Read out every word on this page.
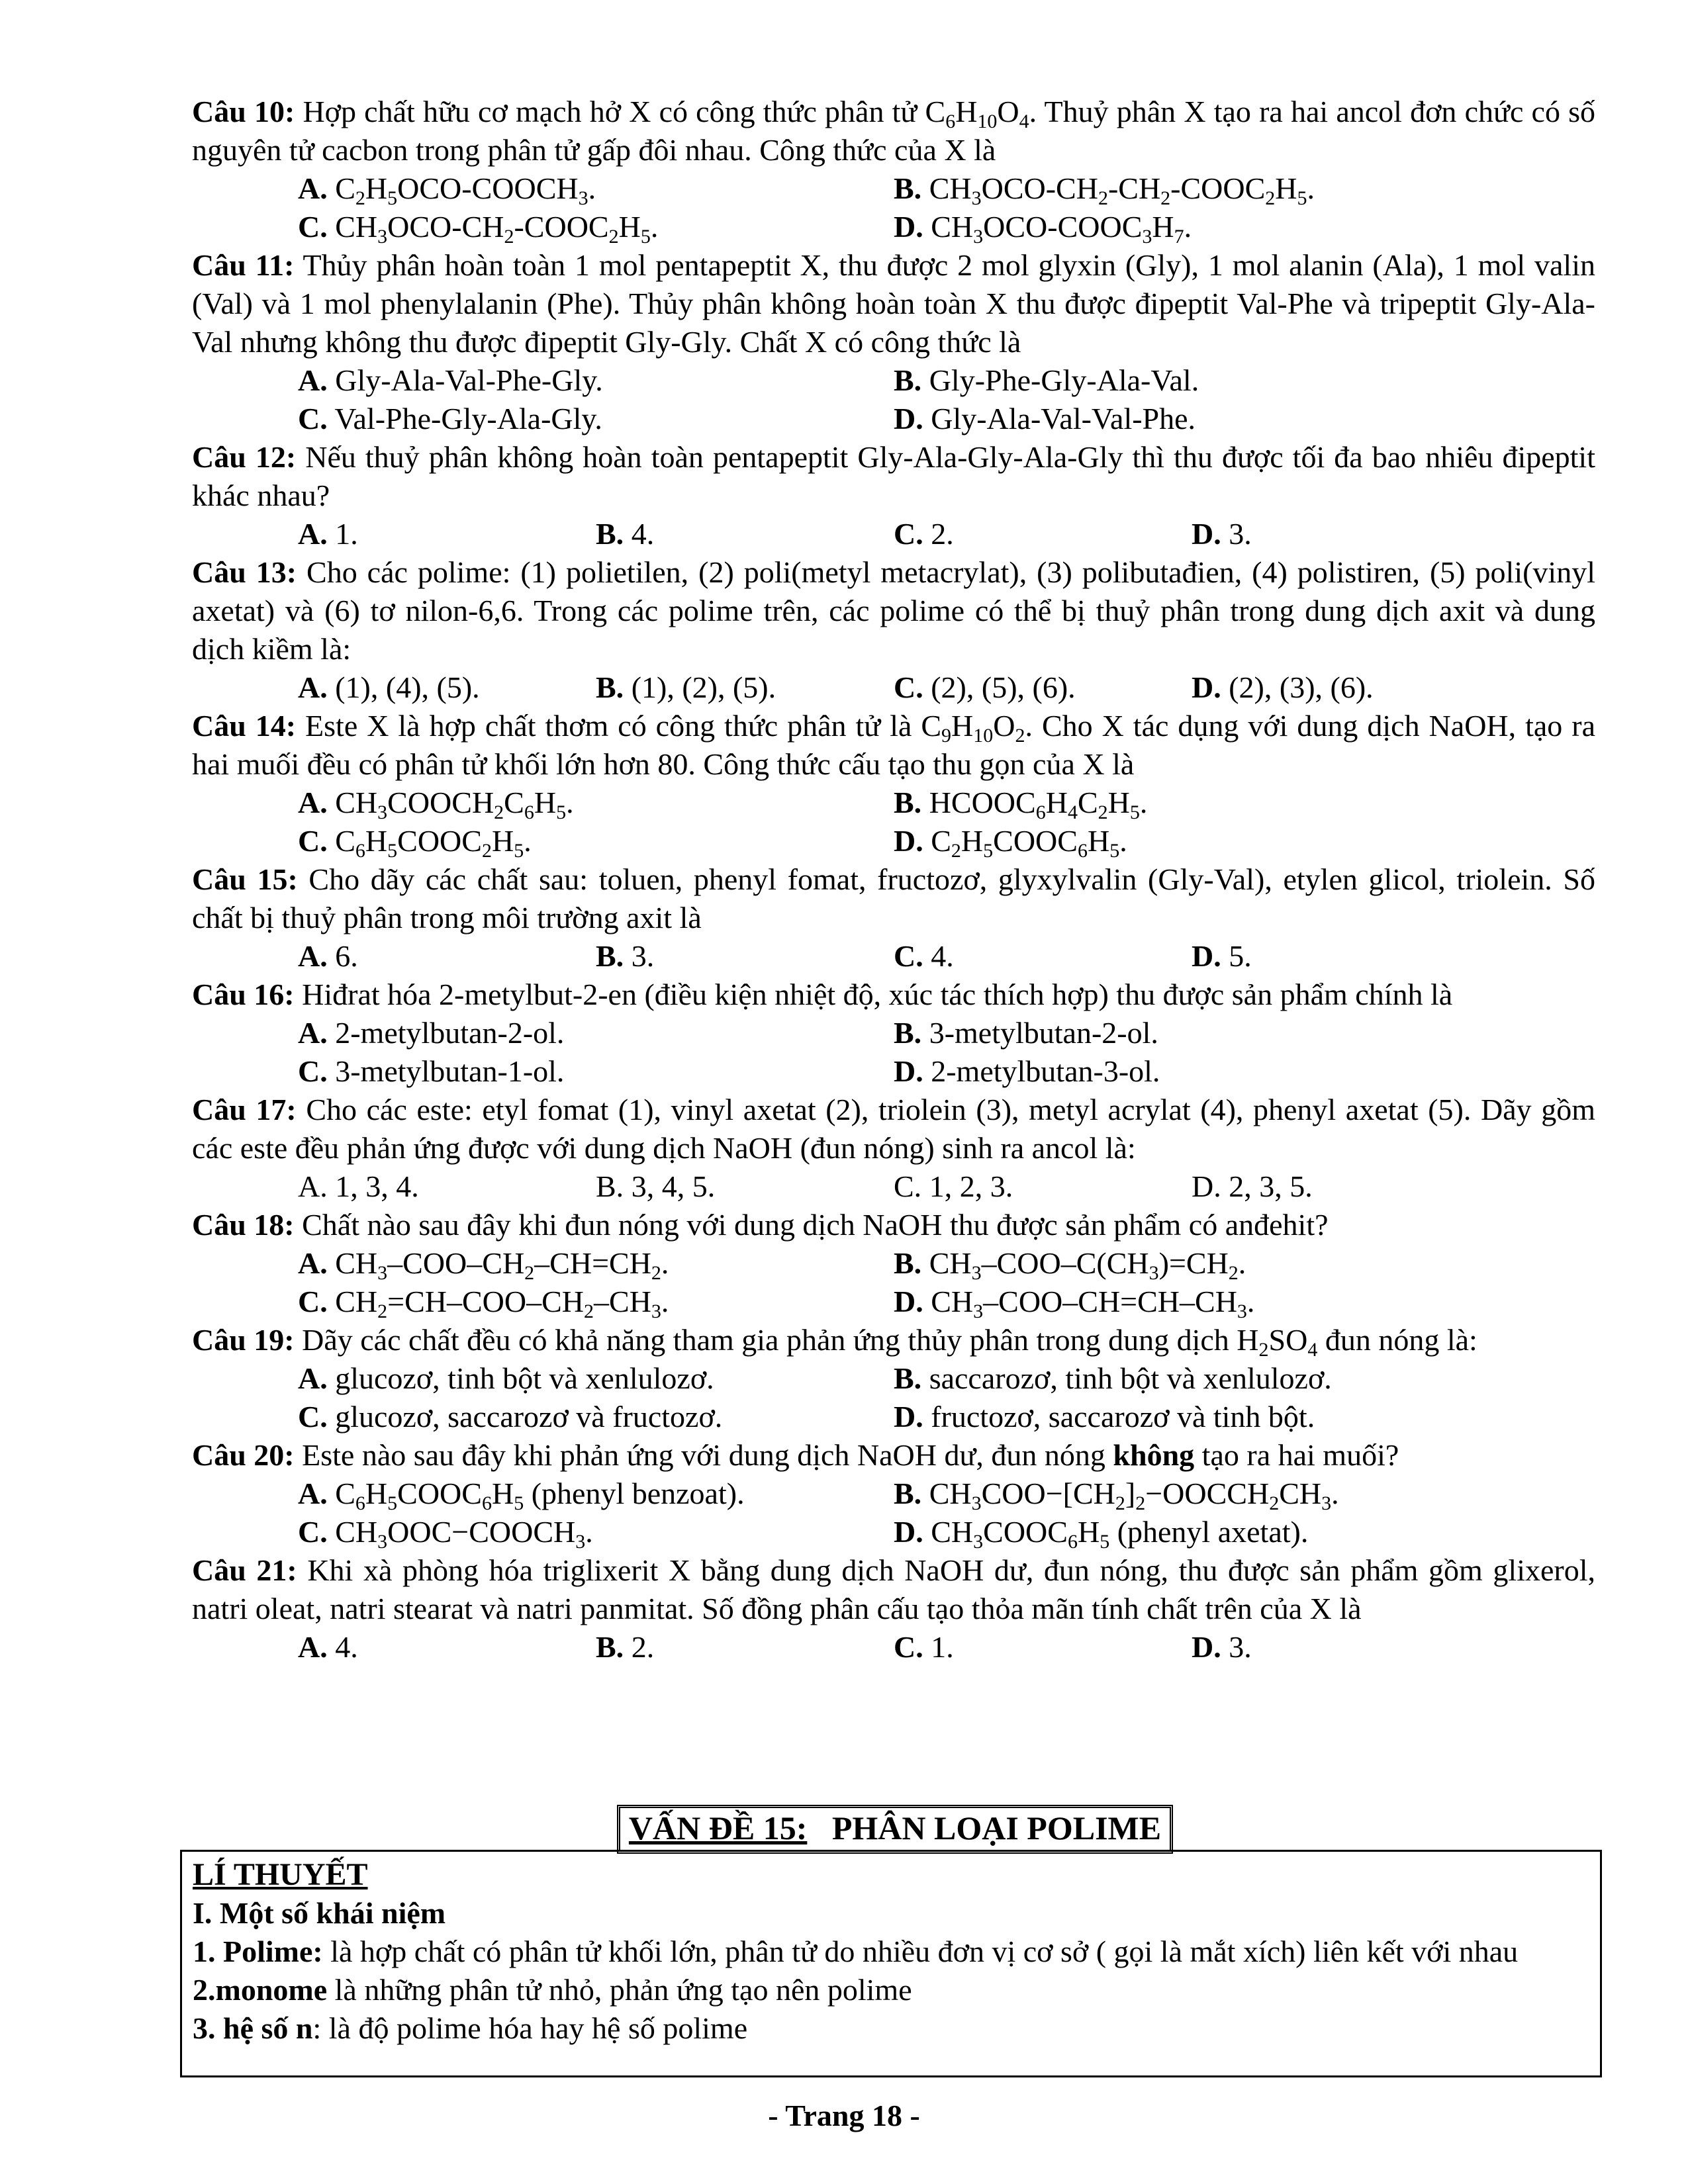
Câu 10: Hợp chất hữu cơ mạch hở X có công thức phân tử $C_6H_{10}O_4$. Thuỷ phân X tạo ra hai ancol đơn chức có số nguyên tử cacbon trong phân tử gấp đôi nhau. Công thức của X là

A. $C_2H_5OCO-COOCH_3$.	B. $CH_3OCO-CH_2-CH_2-COOC_2H_5$.
C. $CH_3OCO-CH_2-COOC_2H_5$.	D. $CH_3OCO-COOC_3H_7$.

Câu 11: Thủy phân hoàn toàn 1 mol pentapeptit X, thu được 2 mol glyxin (Gly), 1 mol alanin (Ala), 1 mol valin (Val) và 1 mol phenylalanin (Phe). Thủy phân không hoàn toàn X thu được đipeptit Val-Phe và tripeptit Gly-Ala-Val nhưng không thu được đipeptit Gly-Gly. Chất X có công thức là

A. Gly-Ala-Val-Phe-Gly.	B. Gly-Phe-Gly-Ala-Val.
C. Val-Phe-Gly-Ala-Gly.	D. Gly-Ala-Val-Val-Phe.

Câu 12: Nếu thuỷ phân không hoàn toàn pentapeptit Gly-Ala-Gly-Ala-Gly thì thu được tối đa bao nhiêu đipeptit khác nhau?

A. 1.	B. 4.	C. 2.	D. 3.

Câu 13: Cho các polime: (1) polietilen, (2) poli(metyl metacrylat), (3) polibutađien, (4) polistiren, (5) poli(vinyl axetat) và (6) tơ nilon-6,6. Trong các polime trên, các polime có thể bị thuỷ phân trong dung dịch axit và dung dịch kiềm là:

A. (1), (4), (5).	B. (1), (2), (5).	C. (2), (5), (6).	D. (2), (3), (6).

Câu 14: Este X là hợp chất thơm có công thức phân tử là $C_9H_{10}O_2$. Cho X tác dụng với dung dịch NaOH, tạo ra hai muối đều có phân tử khối lớn hơn 80. Công thức cấu tạo thu gọn của X là

A. $CH_3COOCH_2C_6H_5$.	B. $HCOOC_6H_4C_2H_5$.
C. $C_6H_5COOC_2H_5$.	D. $C_2H_5COOC_6H_5$.

Câu 15: Cho dãy các chất sau: toluen, phenyl fomat, fructozơ, glyxylvalin (Gly-Val), etylen glicol, triolein. Số chất bị thuỷ phân trong môi trường axit là

A. 6.	B. 3.	C. 4.	D. 5.

Câu 16: Hiđrat hóa 2-metylbut-2-en (điều kiện nhiệt độ, xúc tác thích hợp) thu được sản phẩm chính là

A. 2-metylbutan-2-ol.	B. 3-metylbutan-2-ol.
C. 3-metylbutan-1-ol.	D. 2-metylbutan-3-ol.

Câu 17: Cho các este: etyl fomat (1), vinyl axetat (2), triolein (3), metyl acrylat (4), phenyl axetat (5). Dãy gồm các este đều phản ứng được với dung dịch NaOH (đun nóng) sinh ra ancol là:

A. 1, 3, 4.	B. 3, 4, 5.	C. 1, 2, 3.	D. 2, 3, 5.

Câu 18: Chất nào sau đây khi đun nóng với dung dịch NaOH thu được sản phẩm có anđehit?

A. $CH_3-COO-CH_2-CH=CH_2$.	B. $CH_3-COO-C(CH_3)=CH_2$.
C. $CH_2=CH-COO-CH_2-CH_3$.	D. $CH_3-COO-CH=CH-CH_3$.

Câu 19: Dãy các chất đều có khả năng tham gia phản ứng thủy phân trong dung dịch $H_2SO_4$ đun nóng là:

A. glucozơ, tinh bột và xenlulozơ.	B. saccarozơ, tinh bột và xenlulozơ.
C. glucozơ, saccarozơ và fructozơ.	D. fructozơ, saccarozơ và tinh bột.

Câu 20: Este nào sau đây khi phản ứng với dung dịch NaOH dư, đun nóng không tạo ra hai muối?

A. $C_6H_5COOC_6H_5$ (phenyl benzoat).	B. $CH_3COO-[CH_2]_2-OOCCH_2CH_3$.
C. $CH_3OOC-COOCH_3$.	D. $CH_3COOC_6H_5$ (phenyl axetat).

Câu 21: Khi xà phòng hóa triglixerit X bằng dung dịch NaOH dư, đun nóng, thu được sản phẩm gồm glixerol, natri oleat, natri stearat và natri panmitat. Số đồng phân cấu tạo thỏa mãn tính chất trên của X là

A. 4.	B. 2.	C. 1.	D. 3.
VẤN ĐỀ 15:   PHÂN LOẠI POLIME

LÍ THUYẾT

I. Một số khái niệm

1. Polime: là hợp chất có phân tử khối lớn, phân tử do nhiều đơn vị cơ sở ( gọi là mắt xích) liên kết với nhau

2.monome là những phân tử nhỏ, phản ứng tạo nên polime

3. hệ số n: là độ polime hóa hay hệ số polime

- Trang 18 -
